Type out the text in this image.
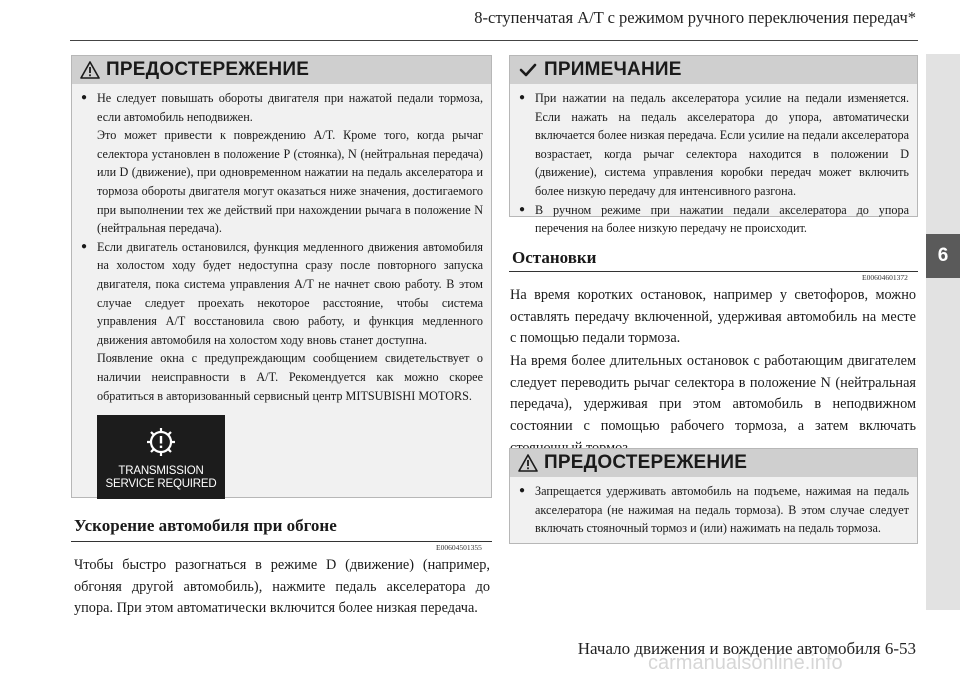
8-ступенчатая A/T с режимом ручного переключения передач*
6
ПРЕДОСТЕРЕЖЕНИЕ
● Не следует повышать обороты двигателя при нажатой педали тормоза, если автомобиль неподвижен.
Это может привести к повреждению A/T. Кроме того, когда рычаг селектора установлен в положение P (стоянка), N (нейтральная передача) или D (движение), при одновременном нажатии на педаль акселератора и тормоза обороты двигателя могут оказаться ниже значения, достигаемого при выполнении тех же действий при нахождении рычага в положение N (нейтральная передача).
● Если двигатель остановился, функция медленного движения автомобиля на холостом ходу будет недоступна сразу после повторного запуска двигателя, пока система управления A/T не начнет свою работу. В этом случае следует проехать некоторое расстояние, чтобы система управления A/T восстановила свою работу, и функция медленного движения автомобиля на холостом ходу вновь станет доступна.
Появление окна с предупреждающим сообщением свидетельствует о наличии неисправности в A/T. Рекомендуется как можно скорее обратиться в авторизованный сервисный центр MITSUBISHI MOTORS.
TRANSMISSION
SERVICE REQUIRED
Ускорение автомобиля при обгоне
E00604501355
Чтобы быстро разогнаться в режиме D (движение) (например, обгоняя другой автомобиль), нажмите педаль акселератора до упора. При этом автоматически включится более низкая передача.
ПРИМЕЧАНИЕ
● При нажатии на педаль акселератора усилие на педали изменяется. Если нажать на педаль акселератора до упора, автоматически включается более низкая передача. Если усилие на педали акселератора возрастает, когда рычаг селектора находится в положении D (движение), система управления коробки передач может включить более низкую передачу для интенсивного разгона.
● В ручном режиме при нажатии педали акселератора до упора перечения на более низкую передачу не происходит.
Остановки
E00604601372
На время коротких остановок, например у светофоров, можно оставлять передачу включенной, удерживая автомобиль на месте с помощью педали тормоза.
На время более длительных остановок с работающим двигателем следует переводить рычаг селектора в положение N (нейтральная передача), удерживая при этом автомобиль в неподвижном состоянии с помощью рабочего тормоза, а затем включать
ПРЕДОСТЕРЕЖЕНИЕ
● Запрещается удерживать автомобиль на подъеме, нажимая на педаль акселератора (не нажимая на педаль тормоза). В этом случае следует включать стояночный тормоз и (или) нажимать на педаль тормоза.
Начало движения и вождение автомобиля 6-53
carmanualsonline.info
